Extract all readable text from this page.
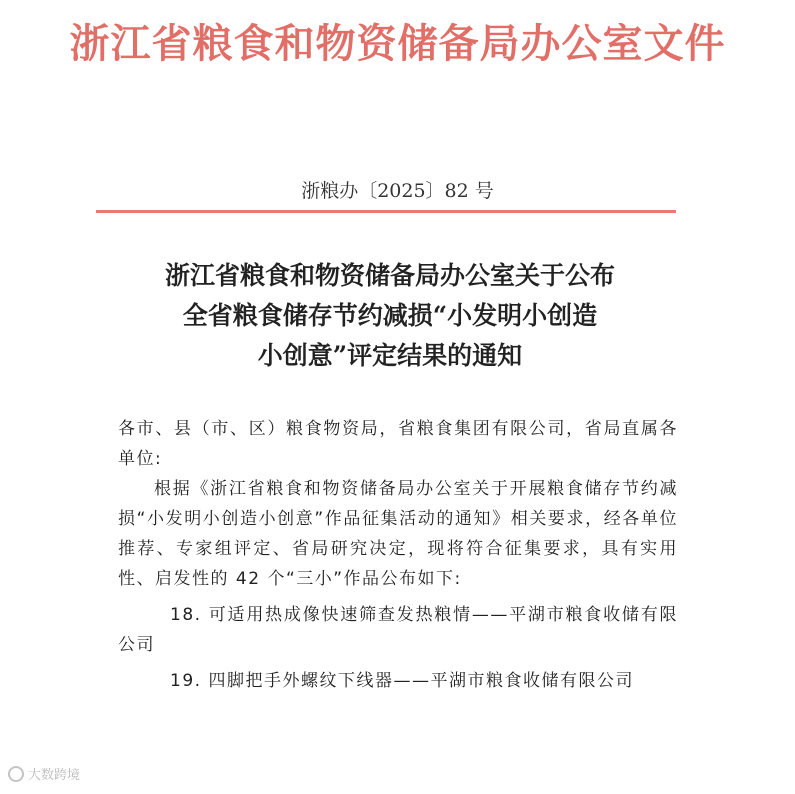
浙江省粮食和物资储备局办公室文件
浙粮办〔2025〕82 号
浙江省粮食和物资储备局办公室关于公布
全省粮食储存节约减损“小发明小创造
小创意”评定结果的通知
各市、县（市、区）粮食物资局，省粮食集团有限公司，省局直属各单位:
根据《浙江省粮食和物资储备局办公室关于开展粮食储存节约减损“小发明小创造小创意”作品征集活动的通知》相关要求，经各单位推荐、专家组评定、省局研究决定，现将符合征集要求，具有实用性、启发性的 42 个“三小”作品公布如下:
18. 可适用热成像快速筛查发热粮情——平湖市粮食收储有限公司
19. 四脚把手外螺纹下线器——平湖市粮食收储有限公司
大数跨境
